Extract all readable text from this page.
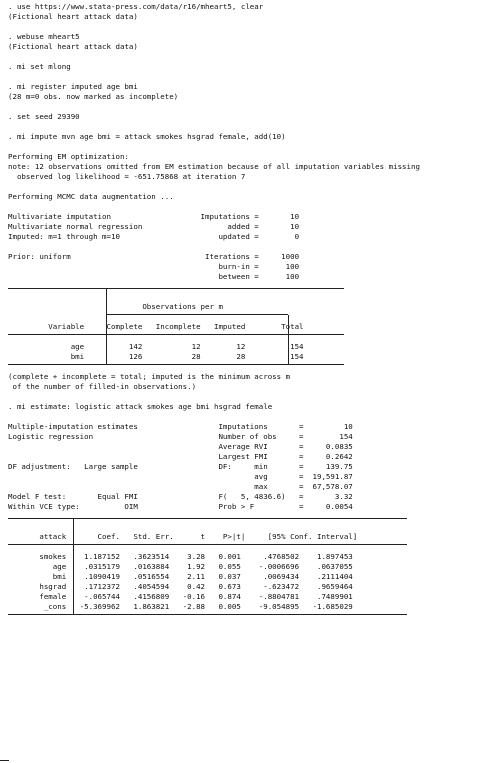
. use https://www.stata-press.com/data/r16/mheart5, clear
(Fictional heart attack data)
. webuse mheart5
(Fictional heart attack data)
. mi set mlong
. mi register imputed age bmi
(28 m=0 obs. now marked as incomplete)
. set seed 29390
. mi impute mvn age bmi = attack smokes hsgrad female, add(10)
Performing EM optimization:
note: 12 observations omitted from EM estimation because of all imputation variables missing
observed log likelihood = -651.75868 at iteration 7
Performing MCMC data augmentation ...
Multivariate imputation                    Imputations =       10
Multivariate normal regression                   added =       10
Imputed: m=1 through m=10                      updated =        0
Prior: uniform                              Iterations =     1000
burn-in =      100
between =      100
Observations per m
Variable     Complete   Incomplete   Imputed        Total
age          142           12        12          154
bmi          126           28        28          154
(complete + incomplete = total; imputed is the minimum across m
of the number of filled-in observations.)
. mi estimate: logistic attack smokes age bmi hsgrad female
Multiple-imputation estimates                  Imputations       =         10
Logistic regression                            Number of obs     =        154
Average RVI       =     0.0835
Largest FMI       =     0.2642
DF adjustment:   Large sample                  DF:     min       =     139.75
avg       =  19,591.87
max       =  67,578.07
Model F test:       Equal FMI                  F(   5, 4836.6)   =       3.32
Within VCE type:          OIM                  Prob > F          =     0.0054
attack       Coef.   Std. Err.      t    P>|t|     [95% Conf. Interval]
smokes    1.187152   .3623514    3.28   0.001     .4768502    1.897453
age    .0315179   .0163884    1.92   0.055    -.0006696    .0637055
bmi    .1090419   .0516554    2.11   0.037     .0069434    .2111404
hsgrad    .1712372   .4054594    0.42   0.673     -.623472    .9659464
female    -.065744   .4156809   -0.16   0.874    -.8804781    .7489901
_cons   -5.369962   1.863821   -2.88   0.005    -9.054895   -1.685029
